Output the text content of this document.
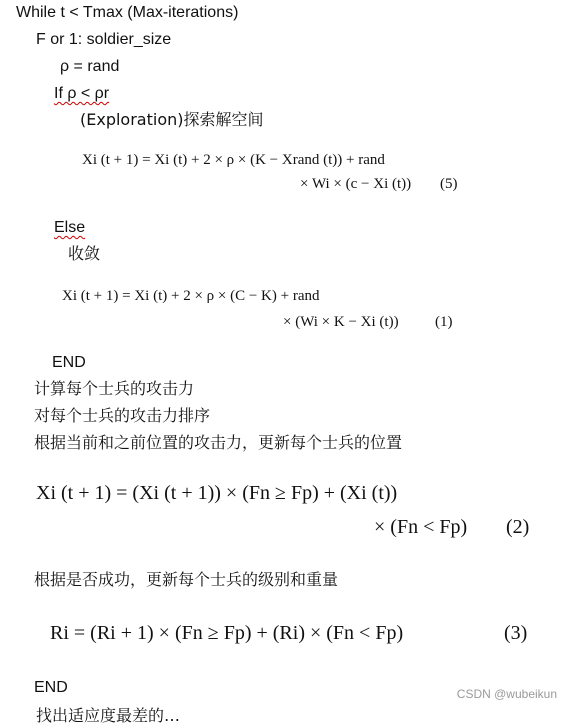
While t < Tmax (Max-iterations)
F or 1: soldier_size
ρ = rand
If ρ < ρr
(Exploration)探索解空间
Xi (t + 1) = Xi (t) + 2 × ρ × (K − Xrand (t)) + rand
× Wi × (c − Xi (t)) (5)
Else
收敛
Xi (t + 1) = Xi (t) + 2 × ρ × (C − K) + rand
× (Wi × K − Xi (t)) (1)
END
计算每个士兵的攻击力
对每个士兵的攻击力排序
根据当前和之前位置的攻击力，更新每个士兵的位置
Xi (t + 1) = (Xi (t + 1)) × (Fn ≥ Fp) + (Xi (t))
× (Fn < Fp) (2)
根据是否成功，更新每个士兵的级别和重量
Ri = (Ri + 1) × (Fn ≥ Fp) + (Ri) × (Fn < Fp)	(3)
END
找出适应度最差的…
CSDN @wubeikun
